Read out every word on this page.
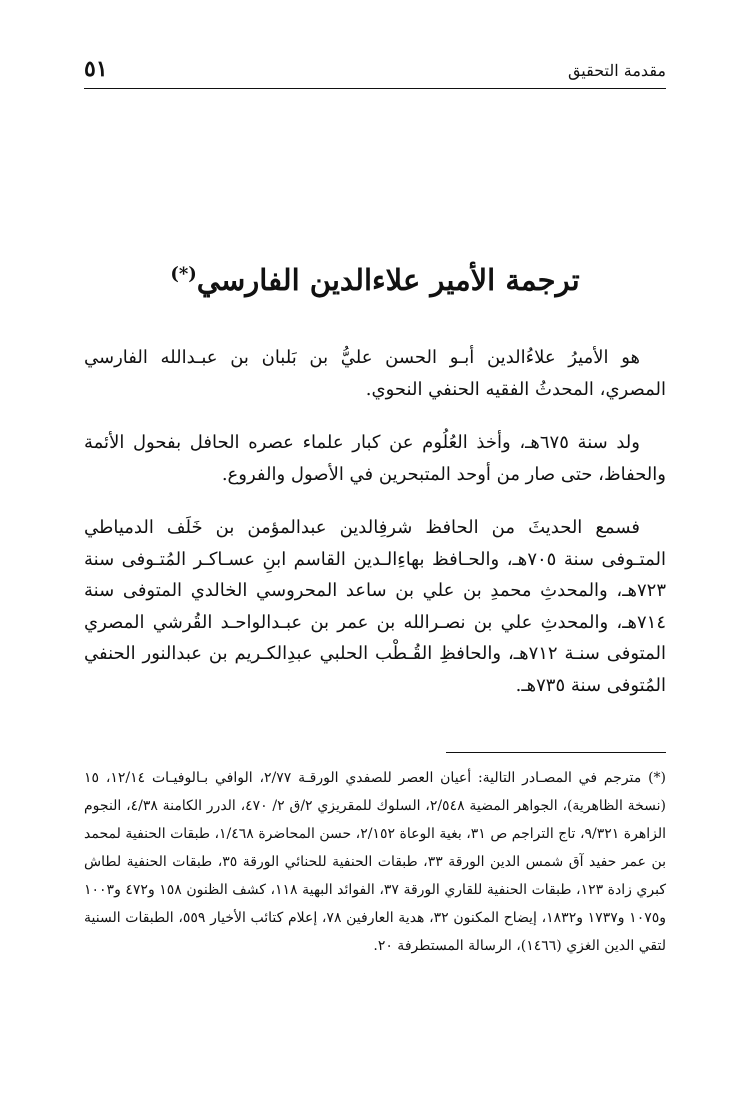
مقدمة التحقيق
٥١
ترجمة الأمير علاءالدين الفارسي(*)

هو الأميرُ علاءُالدين أبـو الحسن عليُّ بن بَلبان بن عبـدالله الفارسي المصري، المحدثُ الفقيه الحنفي النحوي.

ولد سنة ٦٧٥هـ، وأخذ العُلُوم عن كبار علماء عصره الحافل بفحول الأئمة والحفاظ، حتى صار من أوحد المتبحرين في الأصول والفروع.

فسمع الحديثَ من الحافظ شرفِالدين عبدالمؤمن بن خَلَف الدمياطي المتـوفى سنة ٧٠٥هـ، والحـافظ بهاءِالـدين القاسم ابنِ عسـاكـر المُتـوفى سنة ٧٢٣هـ، والمحدثِ محمدِ بن علي بن ساعد المحروسي الخالدي المتوفى سنة ٧١٤هـ، والمحدثِ علي بن نصـرالله بن عمر بن عبـدالواحـد القُرشي المصري المتوفى سنـة ٧١٢هـ، والحافظِ القُـطْب الحلبي عبدِالكـريم بن عبدالنور الحنفي المُتوفى سنة ٧٣٥هـ.

(*) مترجم في المصـادر التالية: أعيان العصر للصفدي الورقـة ٢/٧٧، الوافي بـالوفيـات ١٢/١٤، ١٥ (نسخة الظاهرية)، الجواهر المضية ٢/٥٤٨، السلوك للمقريزي ٢/ق ٢/ ٤٧٠، الدرر الكامنة ٤/٣٨، النجوم الزاهرة ٩/٣٢١، تاج التراجم ص ٣١، بغية الوعاة ٢/١٥٢، حسن المحاضرة ١/٤٦٨، طبقات الحنفية لمحمد بن عمر حفيد آق شمس الدين الورقة ٣٣، طبقات الحنفية للحنائي الورقة ٣٥، طبقات الحنفية لطاش كبري زادة ١٢٣، طبقات الحنفية للقاري الورقة ٣٧، الفوائد البهية ١١٨، كشف الظنون ١٥٨ و٤٧٢ و١٠٠٣ و١٠٧٥ و١٧٣٧ و١٨٣٢، إيضاح المكنون ٣٢، هدية العارفين ٧٨، إعلام كتائب الأخيار ٥٥٩، الطبقات السنية لتقي الدين الغزي (١٤٦٦)، الرسالة المستطرفة ٢٠.
